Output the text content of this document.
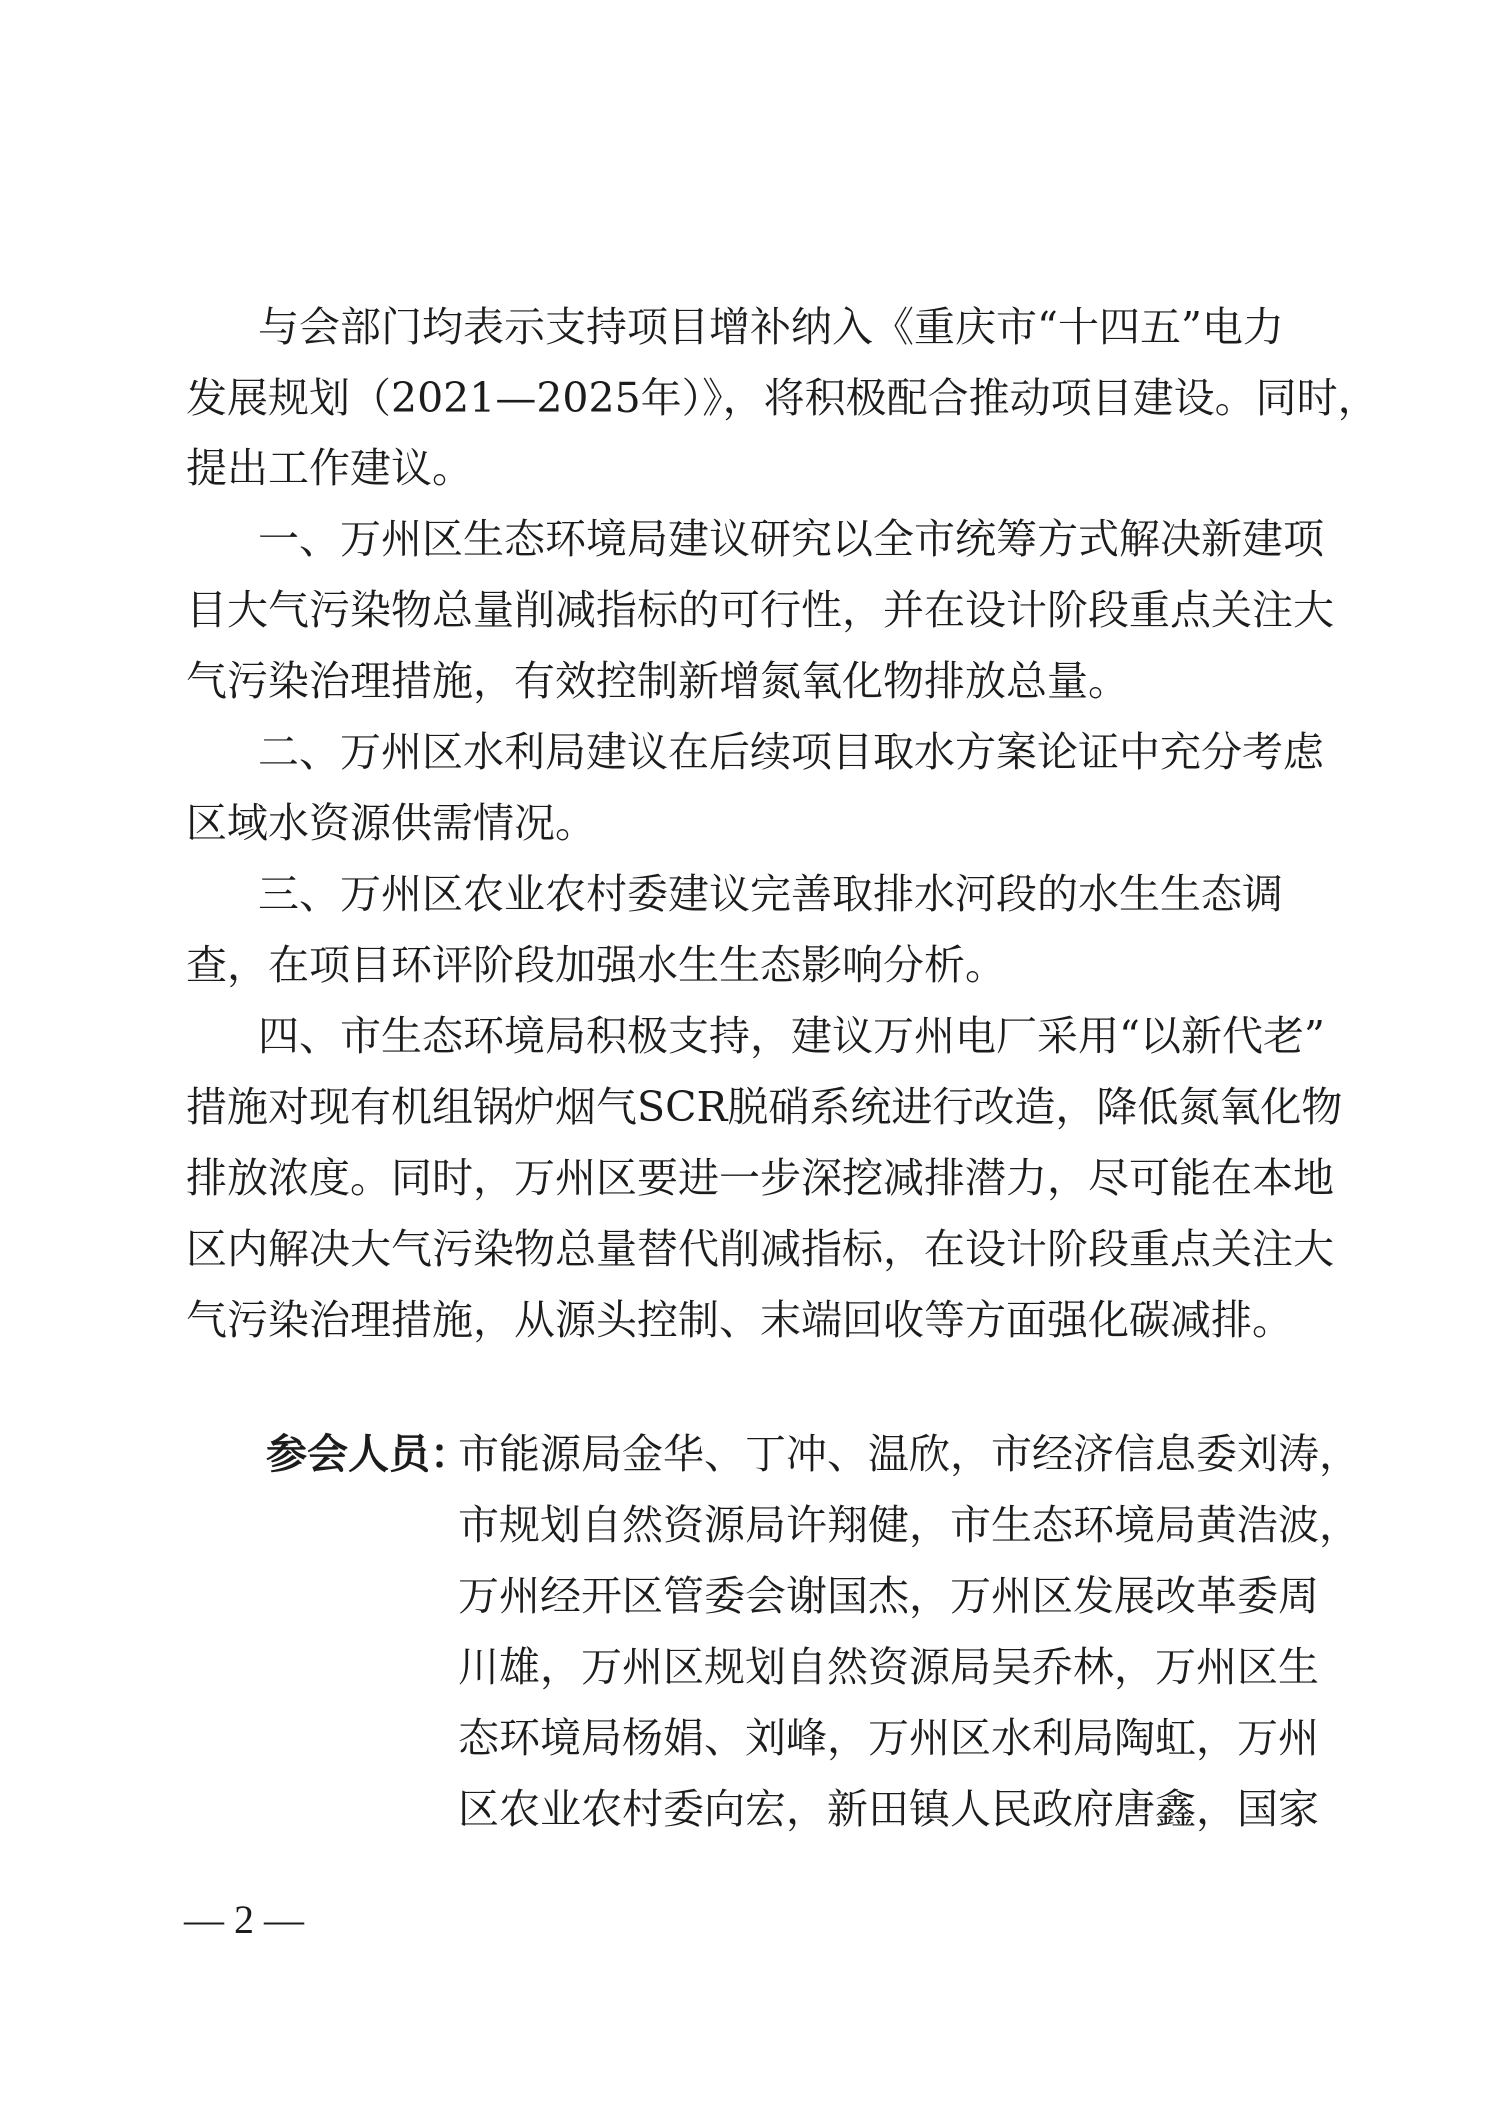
与会部门均表示支持项目增补纳入《重庆市“十四五”电力
发展规划（2021—2025年）》，将积极配合推动项目建设。同时，
提出工作建议。
一、万州区生态环境局建议研究以全市统筹方式解决新建项
目大气污染物总量削减指标的可行性，并在设计阶段重点关注大
气污染治理措施，有效控制新增氮氧化物排放总量。
二、万州区水利局建议在后续项目取水方案论证中充分考虑
区域水资源供需情况。
三、万州区农业农村委建议完善取排水河段的水生生态调
查，在项目环评阶段加强水生生态影响分析。
四、市生态环境局积极支持，建议万州电厂采用“以新代老”
措施对现有机组锅炉烟气SCR脱硝系统进行改造，降低氮氧化物
排放浓度。同时，万州区要进一步深挖减排潜力，尽可能在本地
区内解决大气污染物总量替代削减指标，在设计阶段重点关注大
气污染治理措施，从源头控制、末端回收等方面强化碳减排。
参会人员：
市能源局金华、丁冲、温欣，市经济信息委刘涛，
市规划自然资源局许翔健，市生态环境局黄浩波，
万州经开区管委会谢国杰，万州区发展改革委周
川雄，万州区规划自然资源局吴乔林，万州区生
态环境局杨娟、刘峰，万州区水利局陶虹，万州
区农业农村委向宏，新田镇人民政府唐鑫，国家
— 2 —
